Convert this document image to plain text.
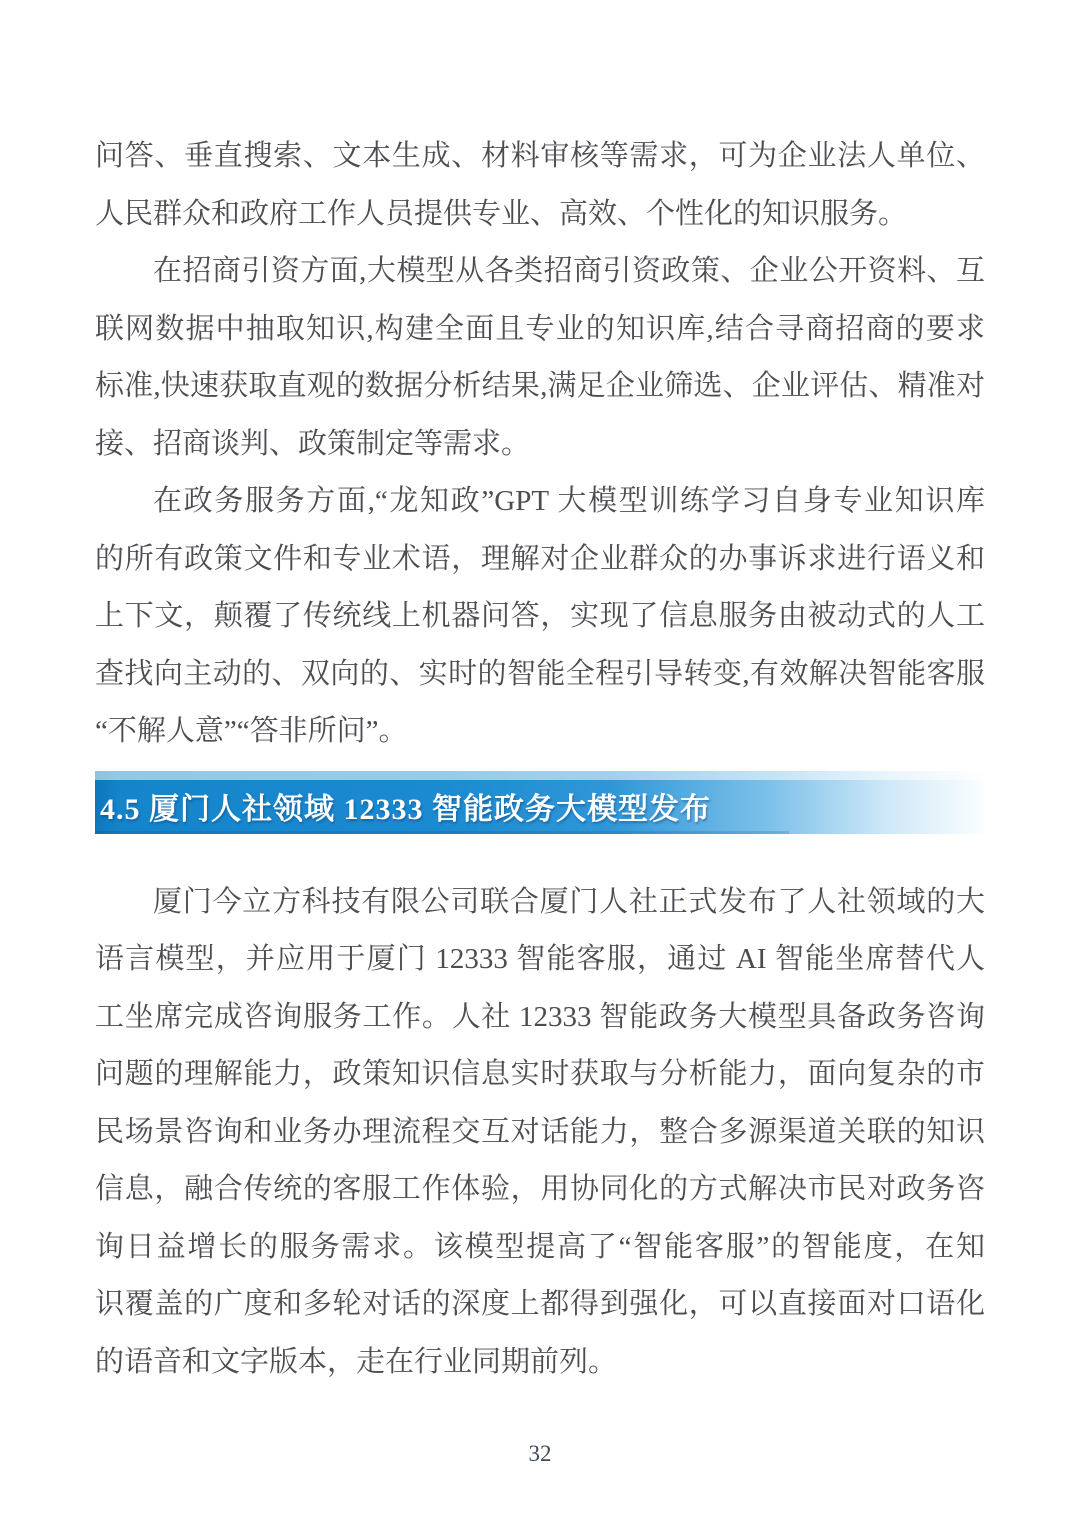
问答、垂直搜索、文本生成、材料审核等需求，可为企业法人单位、
人民群众和政府工作人员提供专业、高效、个性化的知识服务。
在招商引资方面,大模型从各类招商引资政策、企业公开资料、互
联网数据中抽取知识,构建全面且专业的知识库,结合寻商招商的要求
标准,快速获取直观的数据分析结果,满足企业筛选、企业评估、精准对
接、招商谈判、政策制定等需求。
在政务服务方面,“龙知政”GPT 大模型训练学习自身专业知识库
的所有政策文件和专业术语，理解对企业群众的办事诉求进行语义和
上下文，颠覆了传统线上机器问答，实现了信息服务由被动式的人工
查找向主动的、双向的、实时的智能全程引导转变,有效解决智能客服
“不解人意”“答非所问”。
4.5 厦门人社领域 12333 智能政务大模型发布
厦门今立方科技有限公司联合厦门人社正式发布了人社领域的大
语言模型，并应用于厦门 12333 智能客服，通过 AI 智能坐席替代人
工坐席完成咨询服务工作。人社 12333 智能政务大模型具备政务咨询
问题的理解能力，政策知识信息实时获取与分析能力，面向复杂的市
民场景咨询和业务办理流程交互对话能力，整合多源渠道关联的知识
信息，融合传统的客服工作体验，用协同化的方式解决市民对政务咨
询日益增长的服务需求。该模型提高了“智能客服”的智能度，在知
识覆盖的广度和多轮对话的深度上都得到强化，可以直接面对口语化
的语音和文字版本，走在行业同期前列。
32
